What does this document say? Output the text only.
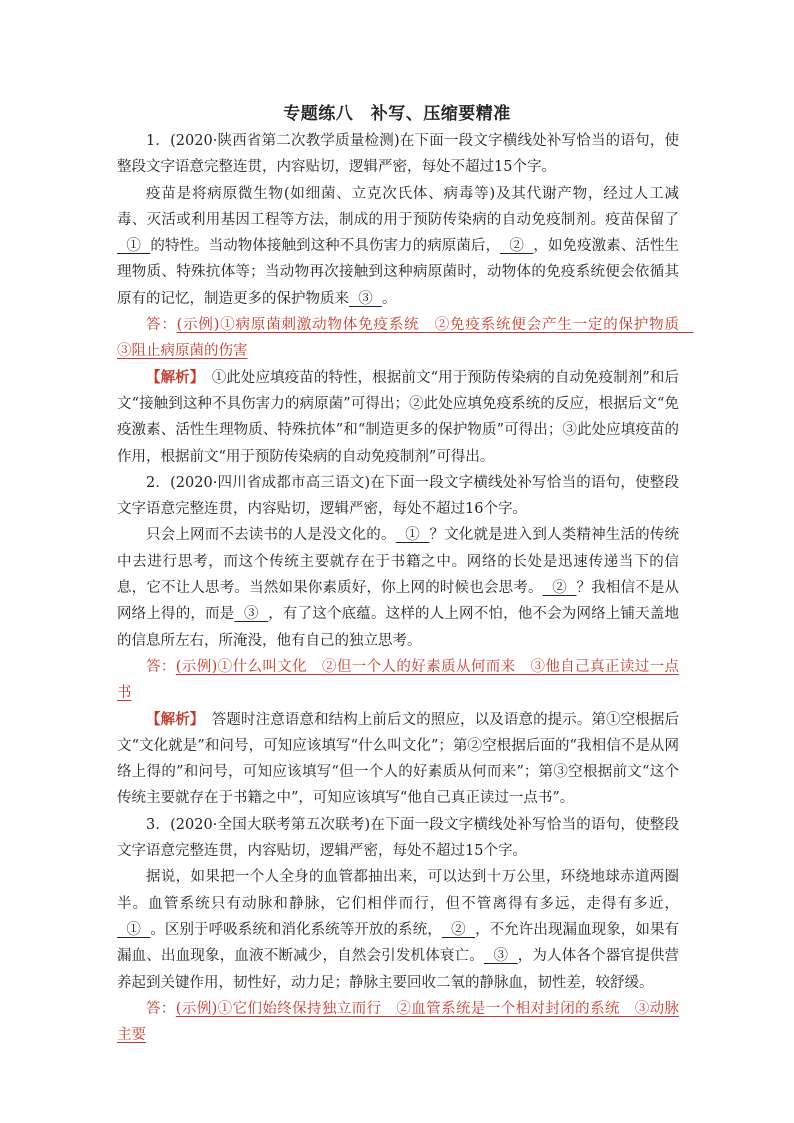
专题练八　补写、压缩要精准

1．(2020·陕西省第二次教学质量检测)在下面一段文字横线处补写恰当的语句，使整段文字语意完整连贯，内容贴切，逻辑严密，每处不超过15个字。

疫苗是将病原微生物(如细菌、立克次氏体、病毒等)及其代谢产物，经过人工减毒、灭活或利用基因工程等方法，制成的用于预防传染病的自动免疫制剂。疫苗保留了  ①  的特性。当动物体接触到这种不具伤害力的病原菌后，  ②  ，如免疫激素、活性生理物质、特殊抗体等；当动物再次接触到这种病原菌时，动物体的免疫系统便会依循其原有的记忆，制造更多的保护物质来  ③  。

答：(示例)①病原菌刺激动物体免疫系统　②免疫系统便会产生一定的保护物质　③阻止病原菌的伤害

【解析】　 ①此处应填疫苗的特性，根据前文“用于预防传染病的自动免疫制剂”和后文“接触到这种不具伤害力的病原菌”可得出；②此处应填免疫系统的反应，根据后文“免疫激素、活性生理物质、特殊抗体”和“制造更多的保护物质”可得出；③此处应填疫苗的作用，根据前文“用于预防传染病的自动免疫制剂”可得出。

2．(2020·四川省成都市高三语文)在下面一段文字横线处补写恰当的语句，使整段文字语意完整连贯，内容贴切，逻辑严密，每处不超过16个字。

只会上网而不去读书的人是没文化的。  ①  ？文化就是进入到人类精神生活的传统中去进行思考，而这个传统主要就存在于书籍之中。网络的长处是迅速传递当下的信息，它不让人思考。当然如果你素质好，你上网的时候也会思考。  ②  ？我相信不是从网络上得的，而是  ③  ，有了这个底蕴。这样的人上网不怕，他不会为网络上铺天盖地的信息所左右，所淹没，他有自己的独立思考。

答：(示例)①什么叫文化　②但一个人的好素质从何而来　③他自己真正读过一点书

【解析】　 答题时注意语意和结构上前后文的照应，以及语意的提示。第①空根据后文“文化就是”和问号，可知应该填写“什么叫文化”；第②空根据后面的“我相信不是从网络上得的”和问号，可知应该填写“但一个人的好素质从何而来”；第③空根据前文“这个传统主要就存在于书籍之中”，可知应该填写“他自己真正读过一点书”。

3．(2020·全国大联考第五次联考)在下面一段文字横线处补写恰当的语句，使整段文字语意完整连贯，内容贴切，逻辑严密，每处不超过15个字。

据说，如果把一个人全身的血管都抽出来，可以达到十万公里，环绕地球赤道两圈半。血管系统只有动脉和静脉，它们相伴而行，但不管离得有多远，走得有多近，  ①  。区别于呼吸系统和消化系统等开放的系统，  ②  ，不允许出现漏血现象，如果有漏血、出血现象，血液不断减少，自然会引发机体衰亡。  ③  ，为人体各个器官提供营养起到关键作用，韧性好，动力足；静脉主要回收二氧的静脉血，韧性差，较舒缓。

答：(示例)①它们始终保持独立而行　②血管系统是一个相对封闭的系统　③动脉主要
